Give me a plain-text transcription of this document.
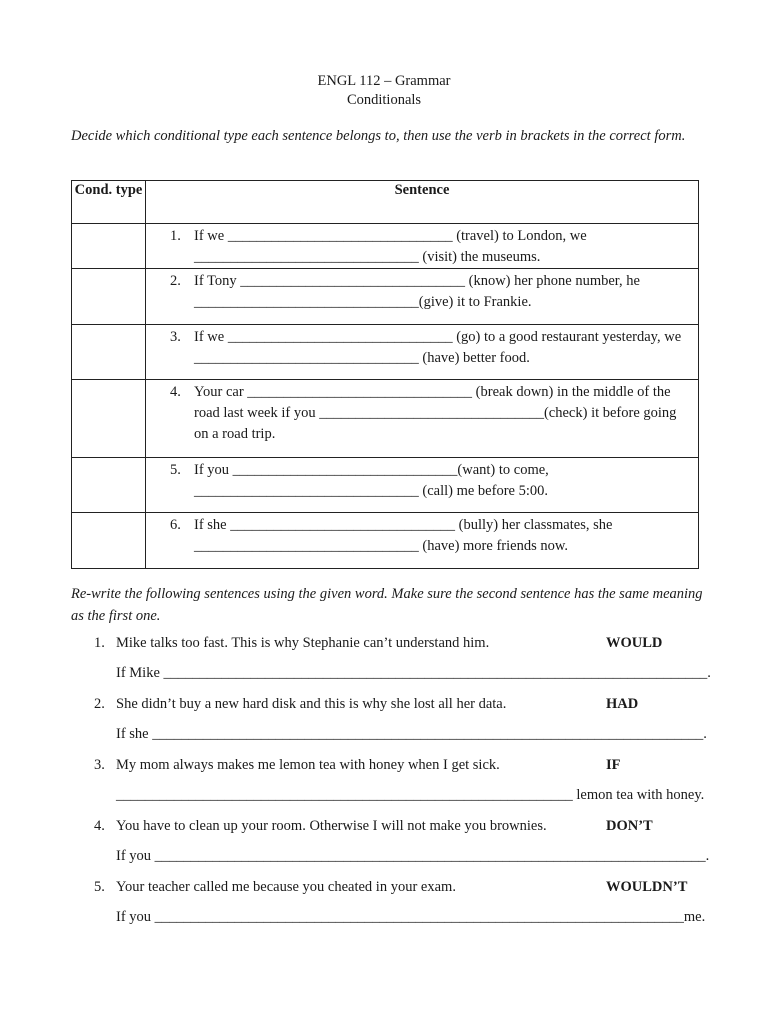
ENGL 112 – Grammar
Conditionals
Decide which conditional type each sentence belongs to, then use the verb in brackets in the correct form.
Cond. type	Sentence

	1. If we _______________________________ (travel) to London, we _______________________________ (visit) the museums.

	2. If Tony _______________________________ (know) her phone number, he _______________________________(give) it to Frankie.

	3. If we _______________________________ (go) to a good restaurant yesterday, we _______________________________ (have) better food.

	4. Your car _______________________________ (break down) in the middle of the road last week if you _______________________________(check) it before going on a road trip.

	5. If you _______________________________(want) to come, _______________________________ (call) me before 5:00.

	6. If she _______________________________ (bully) her classmates, she _______________________________ (have) more friends now.
Re-write the following sentences using the given word. Make sure the second sentence has the same meaning as the first one.
1. Mike talks too fast. This is why Stephanie can’t understand him.	WOULD
If Mike ___________________________________________________________________________.
2. She didn’t buy a new hard disk and this is why she lost all her data.	HAD
If she ____________________________________________________________________________.
3. My mom always makes me lemon tea with honey when I get sick.	IF
_______________________________________________________________ lemon tea with honey.
4. You have to clean up your room. Otherwise I will not make you brownies.	DON’T
If you ____________________________________________________________________________.
5. Your teacher called me because you cheated in your exam.	WOULDN’T
If you _________________________________________________________________________me.
